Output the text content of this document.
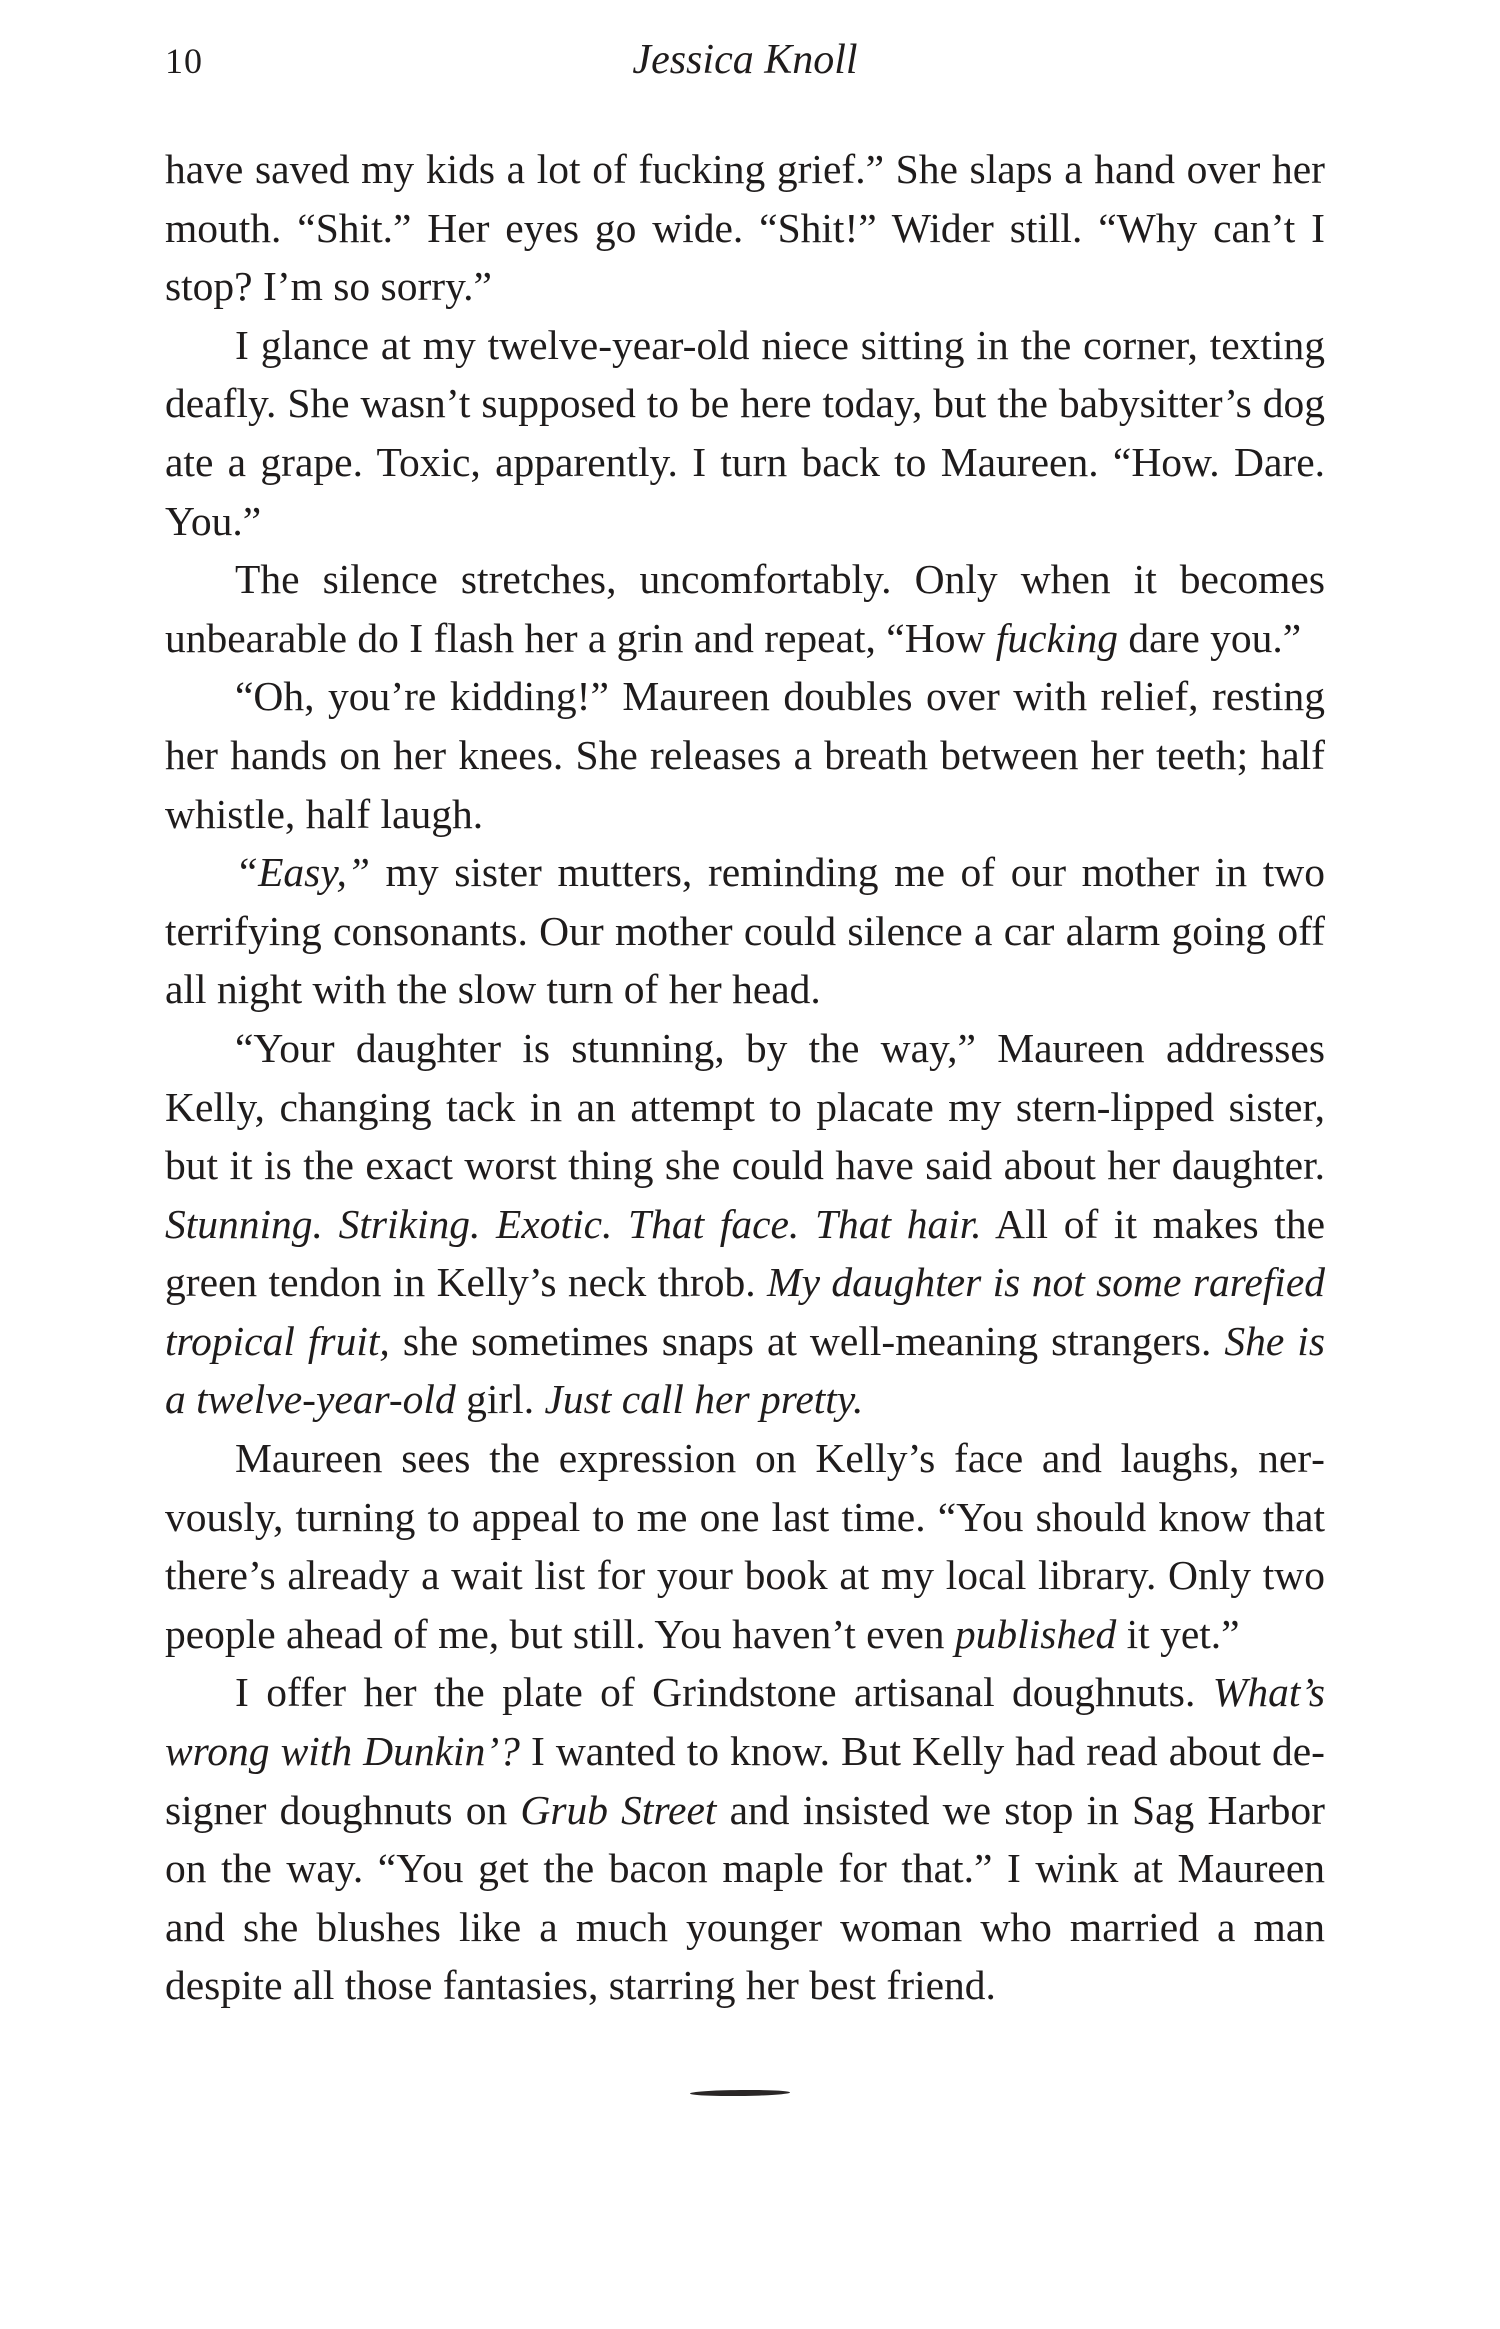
10	Jessica Knoll

have saved my kids a lot of fucking grief.” She slaps a hand over her mouth. “Shit.” Her eyes go wide. “Shit!” Wider still. “Why can’t I stop? I’m so sorry.”

I glance at my twelve-year-old niece sitting in the corner, texting deafly. She wasn’t supposed to be here today, but the babysitter’s dog ate a grape. Toxic, apparently. I turn back to Maureen. “How. Dare. You.”

The silence stretches, uncomfortably. Only when it becomes unbearable do I flash her a grin and repeat, “How fucking dare you.”

“Oh, you’re kidding!” Maureen doubles over with relief, resting her hands on her knees. She releases a breath between her teeth; half whistle, half laugh.

“Easy,” my sister mutters, reminding me of our mother in two terrifying consonants. Our mother could silence a car alarm going off all night with the slow turn of her head.

“Your daughter is stunning, by the way,” Maureen addresses Kelly, changing tack in an attempt to placate my stern-lipped sister, but it is the exact worst thing she could have said about her daughter. Stunning. Striking. Exotic. That face. That hair. All of it makes the green tendon in Kelly’s neck throb. My daughter is not some rarefied tropical fruit, she sometimes snaps at well-meaning strangers. She is a twelve-year-old girl. Just call her pretty.

Maureen sees the expression on Kelly’s face and laughs, nervously, turning to appeal to me one last time. “You should know that there’s already a wait list for your book at my local library. Only two people ahead of me, but still. You haven’t even published it yet.”

I offer her the plate of Grindstone artisanal doughnuts. What’s wrong with Dunkin’? I wanted to know. But Kelly had read about designer doughnuts on Grub Street and insisted we stop in Sag Harbor on the way. “You get the bacon maple for that.” I wink at Maureen and she blushes like a much younger woman who married a man despite all those fantasies, starring her best friend.
